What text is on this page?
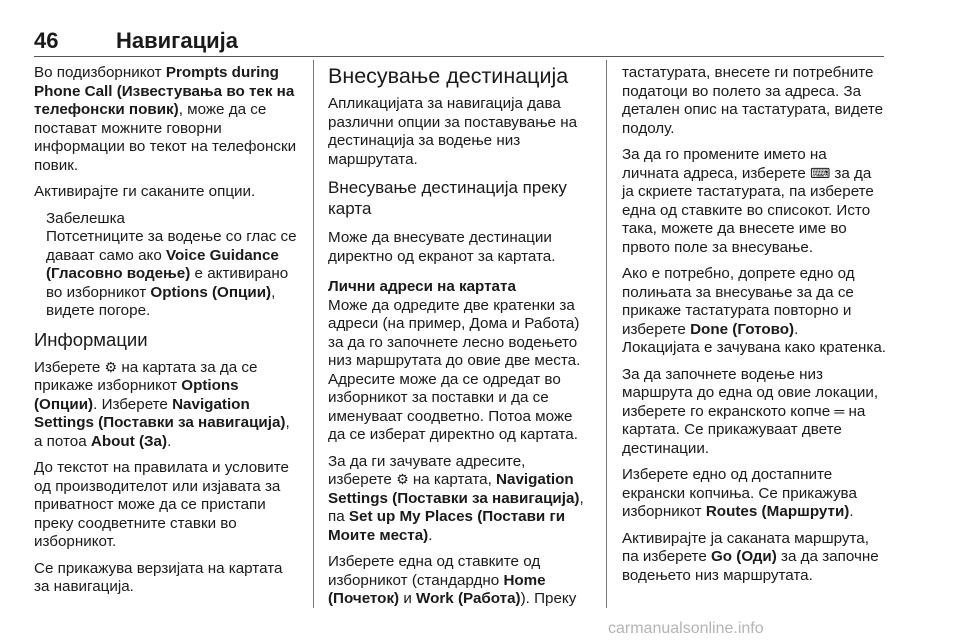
46	Навигација

Во подизборникот Prompts during Phone Call (Известувања во тек на телефонски повик), може да се поставaт можните говорни информации во текот на телефонски повик.

Активирајте ги саканите опции.

Забелешка

Потсетниците за водење со глас се даваат само ако Voice Guidance (Гласовно водење) е активирано во изборникот Options (Опции), видете погоре.

Информации

Изберете ⚙ на картата за да се прикаже изборникот Options (Опции). Изберете Navigation Settings (Поставки за навигација), а потоа About (За).

До текстот на правилата и условите од производителот или изјавата за приватност може да се пристапи преку соодветните ставки во изборникот.

Се прикажува верзијата на картата за навигација.

Внесување дестинација

Апликацијата за навигација дава различни опции за поставување на дестинација за водење низ маршрутата.

Внесување дестинација преку карта

Може да внесувате дестинации директно од екранот за картата.

Лични адреси на картата

Може да одредите две кратенки за адреси (на пример, Дома и Работа) за да го започнете лесно водењето низ маршрутата до овие две места. Адресите може да се одредат во изборникот за поставки и да се именуваат соодветно. Потоа може да се изберат директно од картата.

За да ги зачувате адресите, изберете ⚙ на картата, Navigation Settings (Поставки за навигација), па Set up My Places (Постави ги Моите места).

Изберете една од ставките од изборникот (стандардно Home (Почеток) и Work (Работа)). Преку

тастатурата, внесете ги потребните податоци во полето за адреса. За детален опис на тастатурата, видете подолу.

За да го промените името на личната адреса, изберете ⌨ за да ја скриете тастатурата, па изберете една од ставките во списокот. Исто така, можете да внесете име во првото поле за внесување.

Ако е потребно, допрете едно од полињата за внесување за да се прикаже тастатурата повторно и изберете Done (Готово).

Локацијата е зачувана како кратенка.

За да започнете водење низ маршрута до една од овие локации, изберете го екранското копче ═ на картата. Се прикажуваат двете дестинации.

Изберете едно од достапните екрански копчиња. Се прикажува изборникот Routes (Маршрути).

Активирајте ја саканата маршрута, па изберете Go (Оди) за да започне водењето низ маршрутата.

carmanualsonline.info
